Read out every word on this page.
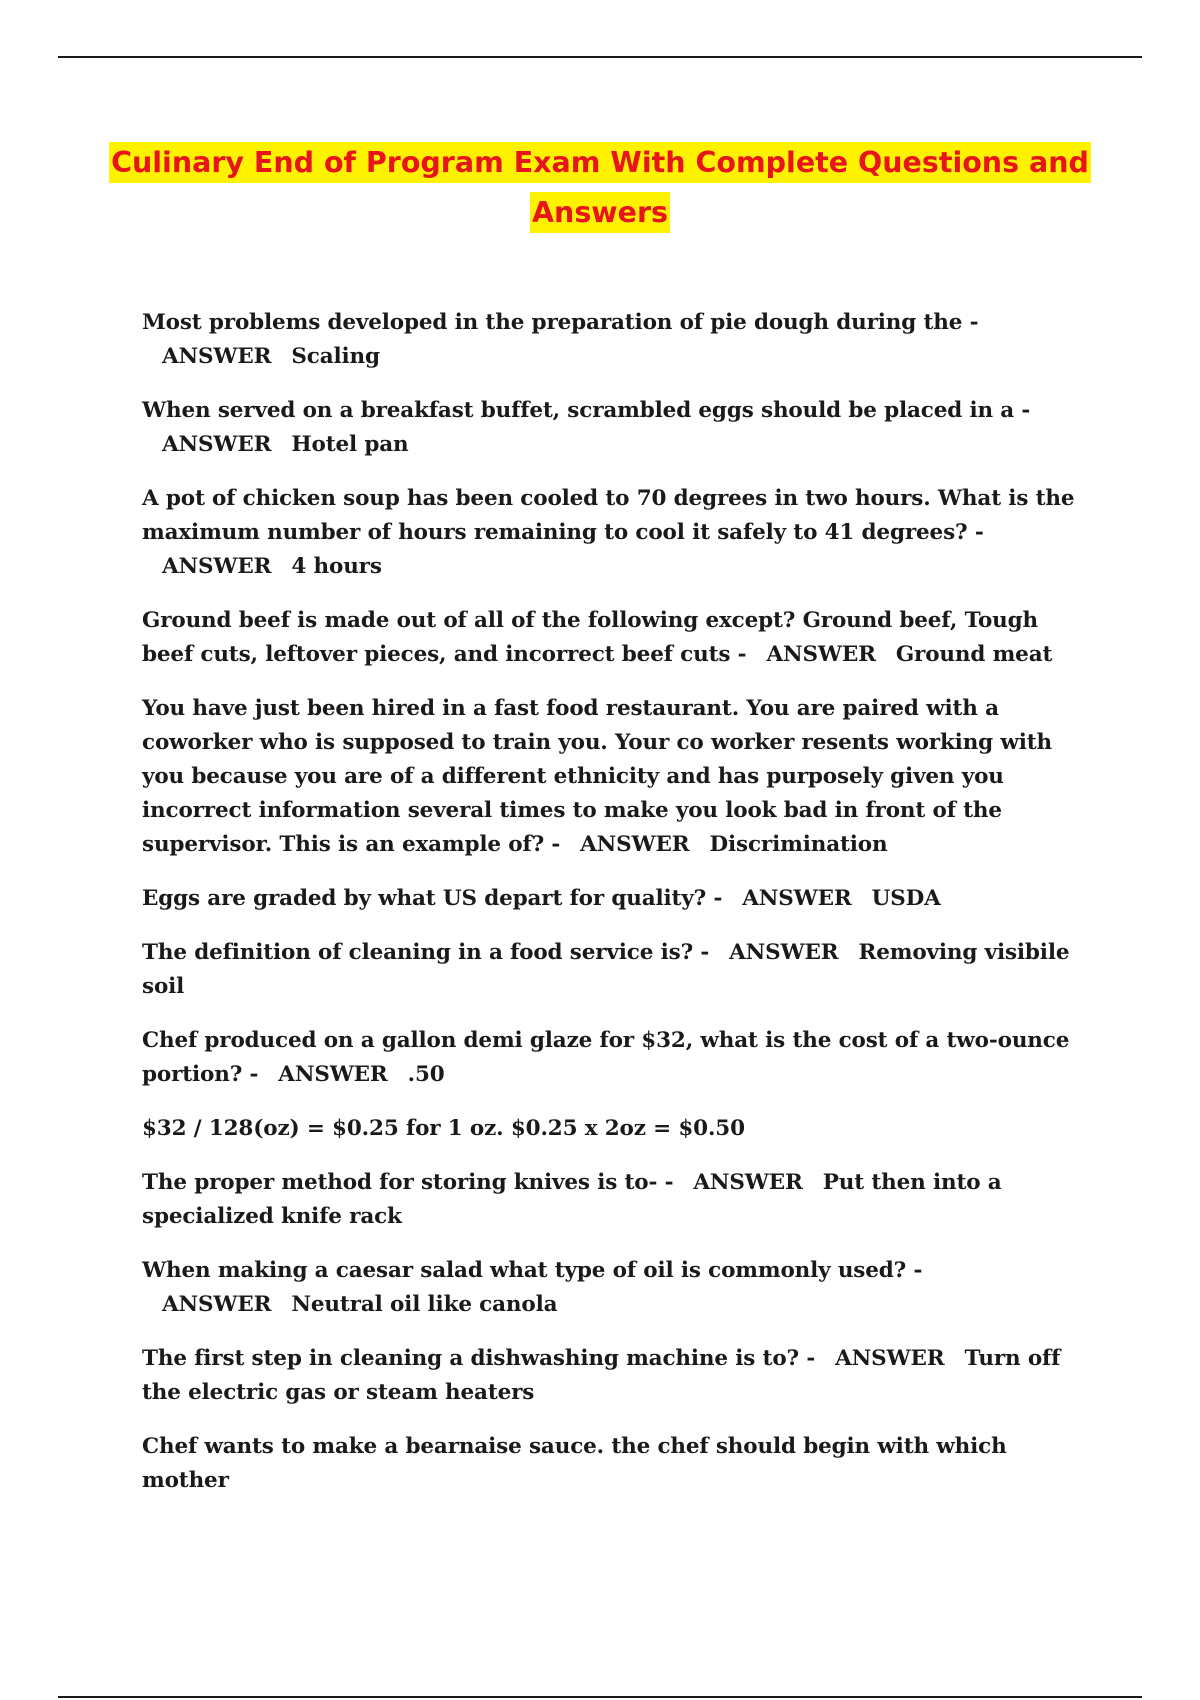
Culinary End of Program Exam With Complete Questions and Answers
Most problems developed in the preparation of pie dough during the -ANSWER Scaling
When served on a breakfast buffet, scrambled eggs should be placed in a -ANSWER Hotel pan
A pot of chicken soup has been cooled to 70 degrees in two hours. What is the maximum number of hours remaining to cool it safely to 41 degrees? -ANSWER 4 hours
Ground beef is made out of all of the following except? Ground beef, Tough beef cuts, leftover pieces, and incorrect beef cuts - ANSWER Ground meat
You have just been hired in a fast food restaurant. You are paired with a coworker who is supposed to train you. Your co worker resents working with you because you are of a different ethnicity and has purposely given you incorrect information several times to make you look bad in front of the supervisor. This is an example of? - ANSWER Discrimination
Eggs are graded by what US depart for quality? - ANSWER USDA
The definition of cleaning in a food service is? - ANSWER Removing visibile soil
Chef produced on a gallon demi glaze for $32, what is the cost of a two-ounce portion? - ANSWER .50
$32 / 128(oz) = $0.25 for 1 oz. $0.25 x 2oz = $0.50
The proper method for storing knives is to- - ANSWER Put then into a specialized knife rack
When making a caesar salad what type of oil is commonly used? -ANSWER Neutral oil like canola
The first step in cleaning a dishwashing machine is to? - ANSWER Turn off the electric gas or steam heaters
Chef wants to make a bearnaise sauce. the chef should begin with which mother
